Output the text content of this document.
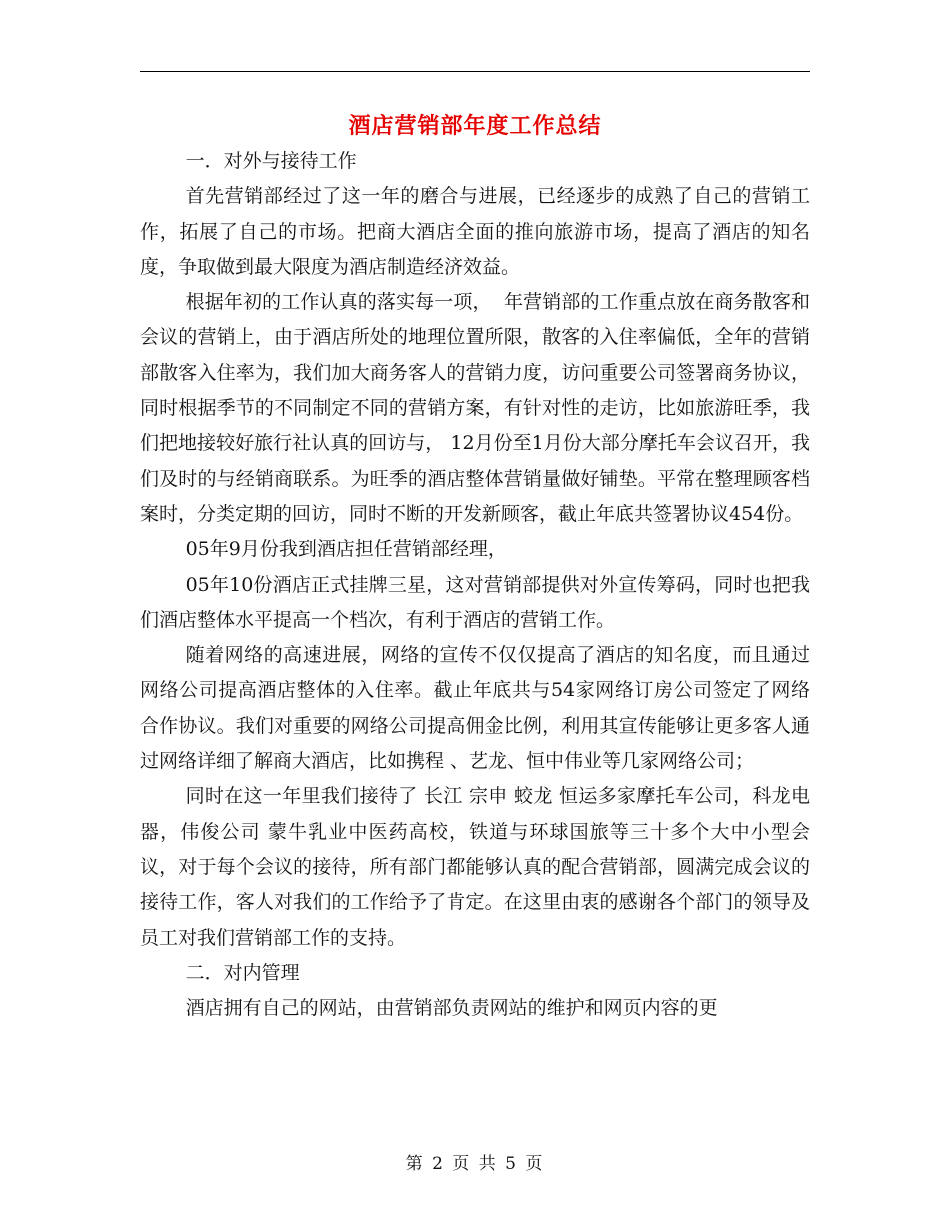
酒店营销部年度工作总结

一．对外与接待工作

首先营销部经过了这一年的磨合与进展，已经逐步的成熟了自己的营销工作，拓展了自己的市场。把商大酒店全面的推向旅游市场，提高了酒店的知名度，争取做到最大限度为酒店制造经济效益。

根据年初的工作认真的落实每一项，  年营销部的工作重点放在商务散客和会议的营销上，由于酒店所处的地理位置所限，散客的入住率偏低，全年的营销部散客入住率为，我们加大商务客人的营销力度，访问重要公司签署商务协议，同时根据季节的不同制定不同的营销方案，有针对性的走访，比如旅游旺季，我们把地接较好旅行社认真的回访与， 12月份至1月份大部分摩托车会议召开，我们及时的与经销商联系。为旺季的酒店整体营销量做好铺垫。平常在整理顾客档案时，分类定期的回访，同时不断的开发新顾客，截止年底共签署协议454份。

05年9月份我到酒店担任营销部经理，

05年10份酒店正式挂牌三星，这对营销部提供对外宣传筹码，同时也把我们酒店整体水平提高一个档次，有利于酒店的营销工作。

随着网络的高速进展，网络的宣传不仅仅提高了酒店的知名度，而且通过网络公司提高酒店整体的入住率。截止年底共与54家网络订房公司签定了网络合作协议。我们对重要的网络公司提高佣金比例，利用其宣传能够让更多客人通过网络详细了解商大酒店，比如携程 、艺龙、恒中伟业等几家网络公司；

同时在这一年里我们接待了 长江 宗申 蛟龙 恒运多家摩托车公司，科龙电器，伟俊公司 蒙牛乳业中医药高校，铁道与环球国旅等三十多个大中小型会议，对于每个会议的接待，所有部门都能够认真的配合营销部，圆满完成会议的接待工作，客人对我们的工作给予了肯定。在这里由衷的感谢各个部门的领导及员工对我们营销部工作的支持。

二．对内管理

酒店拥有自己的网站，由营销部负责网站的维护和网页内容的更

第 2 页 共 5 页
